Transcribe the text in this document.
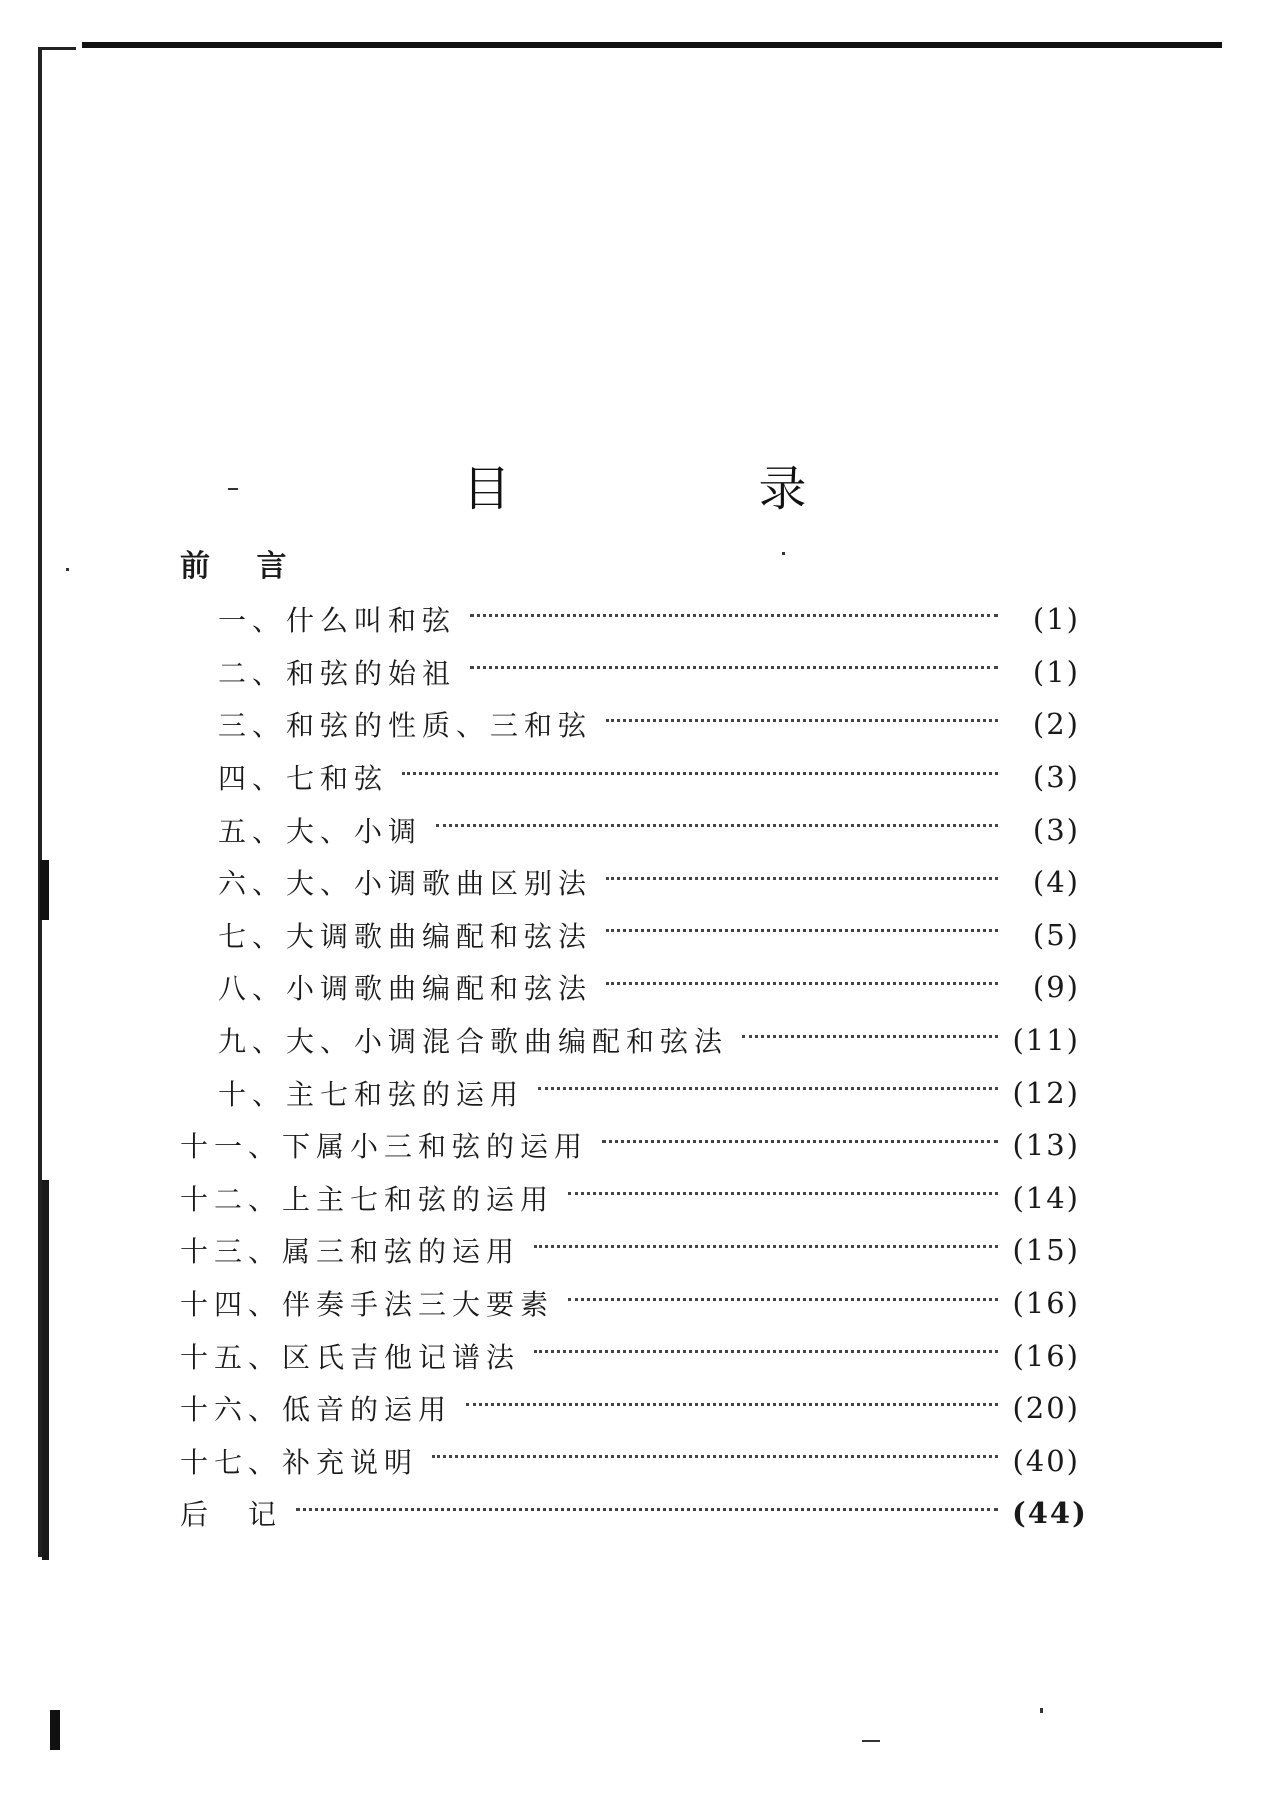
目　录
前 言
一、什么叫和弦	(1)
二、和弦的始祖	(1)
三、和弦的性质、三和弦	(2)
四、七和弦	(3)
五、大、小调	(3)
六、大、小调歌曲区别法	(4)
七、大调歌曲编配和弦法	(5)
八、小调歌曲编配和弦法	(9)
九、大、小调混合歌曲编配和弦法	(11)
十、主七和弦的运用	(12)
十一、下属小三和弦的运用	(13)
十二、上主七和弦的运用	(14)
十三、属三和弦的运用	(15)
十四、伴奏手法三大要素	(16)
十五、区氏吉他记谱法	(16)
十六、低音的运用	(20)
十七、补充说明	(40)
后　记	(44)
